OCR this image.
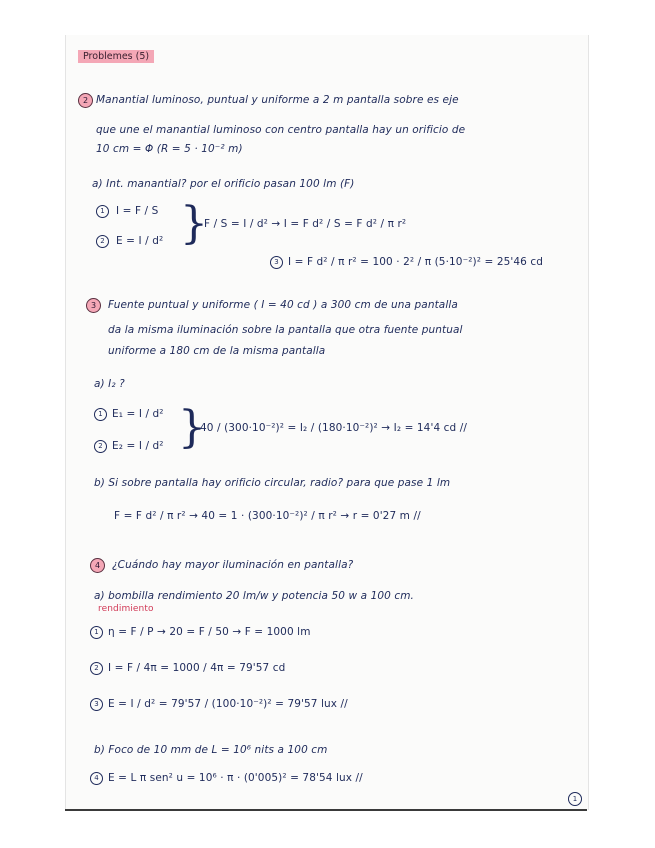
Problemes (5)
2 Manantial luminoso, puntual y uniforme a 2 m pantalla sobre es eje
que une el manantial luminoso con centro pantalla hay un orificio de
10 cm = Φ (R = 5 · 10⁻² m)
a) Int. manantial? por el orificio pasan 100 lm (F)
1	I = F / S
2	E = I / d² }
F / S = I / d² → I = F d² / S = F d² / π r²
3 I = F d² / π r² = 100 · 2² / π (5·10⁻²)² = 25'46 cd
3	Fuente puntual y uniforme ( I = 40 cd ) a 300 cm de una pantalla
da la misma iluminación sobre la pantalla que otra fuente puntual
uniforme a 180 cm de la misma pantalla
a) I₂ ?
1 E₁ = I / d²
2 E₂ = I / d² }
40 / (300·10⁻²)² = I₂ / (180·10⁻²)² → I₂ = 14'4 cd //
b) Si sobre pantalla hay orificio circular, radio? para que pase 1 lm
F = F d² / π r² → 40 = 1 · (300·10⁻²)² / π r² → r = 0'27 m //
4	¿Cuándo hay mayor iluminación en pantalla?
a) bombilla rendimiento 20 lm/w y potencia 50 w a 100 cm.
rendimiento
1 η = F / P → 20 = F / 50 → F = 1000 lm
2 I = F / 4π = 1000 / 4π = 79'57 cd
3 E = I / d² = 79'57 / (100·10⁻²)² = 79'57 lux //
b) Foco de 10 mm de L = 10⁶ nits a 100 cm
4 E = L π sen² u = 10⁶ · π · (0'005)² = 78'54 lux //
1
